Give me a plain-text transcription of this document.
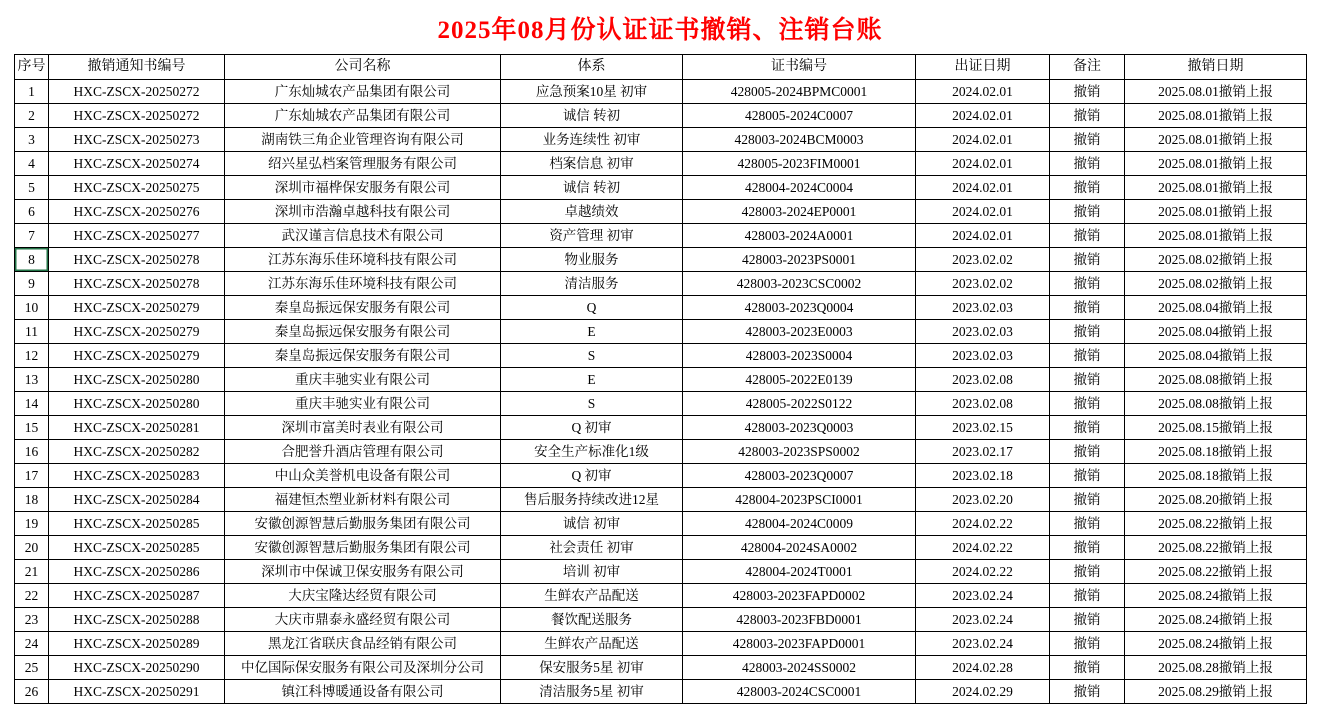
2025年08月份认证证书撤销、注销台账
序号	撤销通知书编号	公司名称	体系	证书编号	出证日期	备注	撤销日期
1	HXC-ZSCX-20250272	广东灿城农产品集团有限公司	应急预案10星 初审	428005-2024BPMC0001	2024.02.01	撤销	2025.08.01撤销上报
2	HXC-ZSCX-20250272	广东灿城农产品集团有限公司	诚信 转初	428005-2024C0007	2024.02.01	撤销	2025.08.01撤销上报
3	HXC-ZSCX-20250273	湖南铁三角企业管理咨询有限公司	业务连续性 初审	428003-2024BCM0003	2024.02.01	撤销	2025.08.01撤销上报
4	HXC-ZSCX-20250274	绍兴星弘档案管理服务有限公司	档案信息 初审	428005-2023FIM0001	2024.02.01	撤销	2025.08.01撤销上报
5	HXC-ZSCX-20250275	深圳市福桦保安服务有限公司	诚信 转初	428004-2024C0004	2024.02.01	撤销	2025.08.01撤销上报
6	HXC-ZSCX-20250276	深圳市浩瀚卓越科技有限公司	卓越绩效	428003-2024EP0001	2024.02.01	撤销	2025.08.01撤销上报
7	HXC-ZSCX-20250277	武汉谨言信息技术有限公司	资产管理 初审	428003-2024A0001	2024.02.01	撤销	2025.08.01撤销上报
8	HXC-ZSCX-20250278	江苏东海乐佳环境科技有限公司	物业服务	428003-2023PS0001	2023.02.02	撤销	2025.08.02撤销上报
9	HXC-ZSCX-20250278	江苏东海乐佳环境科技有限公司	清洁服务	428003-2023CSC0002	2023.02.02	撤销	2025.08.02撤销上报
10	HXC-ZSCX-20250279	秦皇岛振远保安服务有限公司	Q	428003-2023Q0004	2023.02.03	撤销	2025.08.04撤销上报
11	HXC-ZSCX-20250279	秦皇岛振远保安服务有限公司	E	428003-2023E0003	2023.02.03	撤销	2025.08.04撤销上报
12	HXC-ZSCX-20250279	秦皇岛振远保安服务有限公司	S	428003-2023S0004	2023.02.03	撤销	2025.08.04撤销上报
13	HXC-ZSCX-20250280	重庆丰驰实业有限公司	E	428005-2022E0139	2023.02.08	撤销	2025.08.08撤销上报
14	HXC-ZSCX-20250280	重庆丰驰实业有限公司	S	428005-2022S0122	2023.02.08	撤销	2025.08.08撤销上报
15	HXC-ZSCX-20250281	深圳市富美时表业有限公司	Q 初审	428003-2023Q0003	2023.02.15	撤销	2025.08.15撤销上报
16	HXC-ZSCX-20250282	合肥誉升酒店管理有限公司	安全生产标准化1级	428003-2023SPS0002	2023.02.17	撤销	2025.08.18撤销上报
17	HXC-ZSCX-20250283	中山众美誉机电设备有限公司	Q 初审	428003-2023Q0007	2023.02.18	撤销	2025.08.18撤销上报
18	HXC-ZSCX-20250284	福建恒杰塑业新材料有限公司	售后服务持续改进12星	428004-2023PSCI0001	2023.02.20	撤销	2025.08.20撤销上报
19	HXC-ZSCX-20250285	安徽创源智慧后勤服务集团有限公司	诚信 初审	428004-2024C0009	2024.02.22	撤销	2025.08.22撤销上报
20	HXC-ZSCX-20250285	安徽创源智慧后勤服务集团有限公司	社会责任 初审	428004-2024SA0002	2024.02.22	撤销	2025.08.22撤销上报
21	HXC-ZSCX-20250286	深圳市中保诚卫保安服务有限公司	培训 初审	428004-2024T0001	2024.02.22	撤销	2025.08.22撤销上报
22	HXC-ZSCX-20250287	大庆宝隆达经贸有限公司	生鲜农产品配送	428003-2023FAPD0002	2023.02.24	撤销	2025.08.24撤销上报
23	HXC-ZSCX-20250288	大庆市鼎泰永盛经贸有限公司	餐饮配送服务	428003-2023FBD0001	2023.02.24	撤销	2025.08.24撤销上报
24	HXC-ZSCX-20250289	黑龙江省联庆食品经销有限公司	生鲜农产品配送	428003-2023FAPD0001	2023.02.24	撤销	2025.08.24撤销上报
25	HXC-ZSCX-20250290	中亿国际保安服务有限公司及深圳分公司	保安服务5星 初审	428003-2024SS0002	2024.02.28	撤销	2025.08.28撤销上报
26	HXC-ZSCX-20250291	镇江科博暖通设备有限公司	清洁服务5星 初审	428003-2024CSC0001	2024.02.29	撤销	2025.08.29撤销上报
